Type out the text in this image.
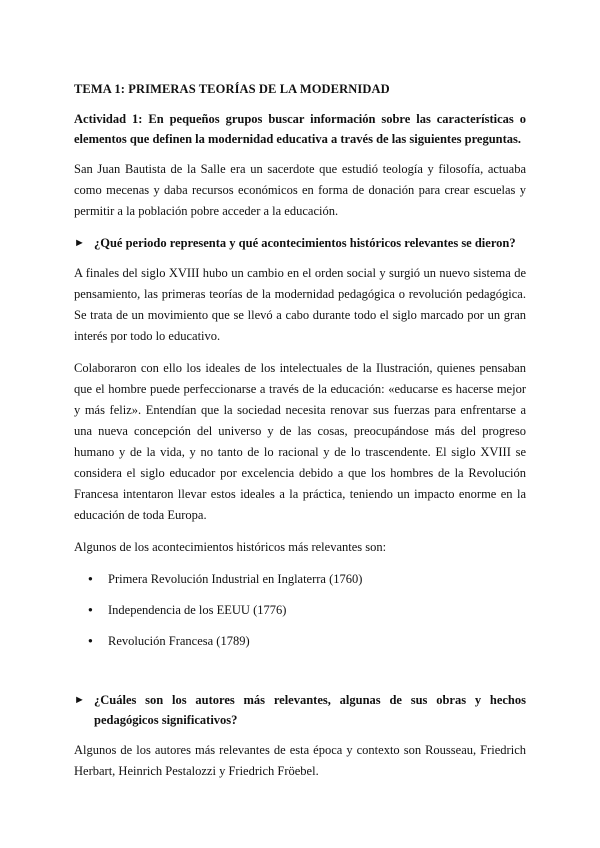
TEMA 1: PRIMERAS TEORÍAS DE LA MODERNIDAD

Actividad 1: En pequeños grupos buscar información sobre las características o elementos que definen la modernidad educativa a través de las siguientes preguntas.

San Juan Bautista de la Salle era un sacerdote que estudió teología y filosofía, actuaba como mecenas y daba recursos económicos en forma de donación para crear escuelas y permitir a la población pobre acceder a la educación.

► ¿Qué periodo representa y qué acontecimientos históricos relevantes se dieron?

A finales del siglo XVIII hubo un cambio en el orden social y surgió un nuevo sistema de pensamiento, las primeras teorías de la modernidad pedagógica o revolución pedagógica. Se trata de un movimiento que se llevó a cabo durante todo el siglo marcado por un gran interés por todo lo educativo.

Colaboraron con ello los ideales de los intelectuales de la Ilustración, quienes pensaban que el hombre puede perfeccionarse a través de la educación: «educarse es hacerse mejor y más feliz». Entendían que la sociedad necesita renovar sus fuerzas para enfrentarse a una nueva concepción del universo y de las cosas, preocupándose más del progreso humano y de la vida, y no tanto de lo racional y de lo trascendente. El siglo XVIII se considera el siglo educador por excelencia debido a que los hombres de la Revolución Francesa intentaron llevar estos ideales a la práctica, teniendo un impacto enorme en la educación de toda Europa.

Algunos de los acontecimientos históricos más relevantes son:

●	Primera Revolución Industrial en Inglaterra (1760)
●	Independencia de los EEUU (1776)
●	Revolución Francesa (1789)
► ¿Cuáles son los autores más relevantes, algunas de sus obras y hechos pedagógicos significativos?

Algunos de los autores más relevantes de esta época y contexto son Rousseau, Friedrich Herbart, Heinrich Pestalozzi y Friedrich Fröebel.
